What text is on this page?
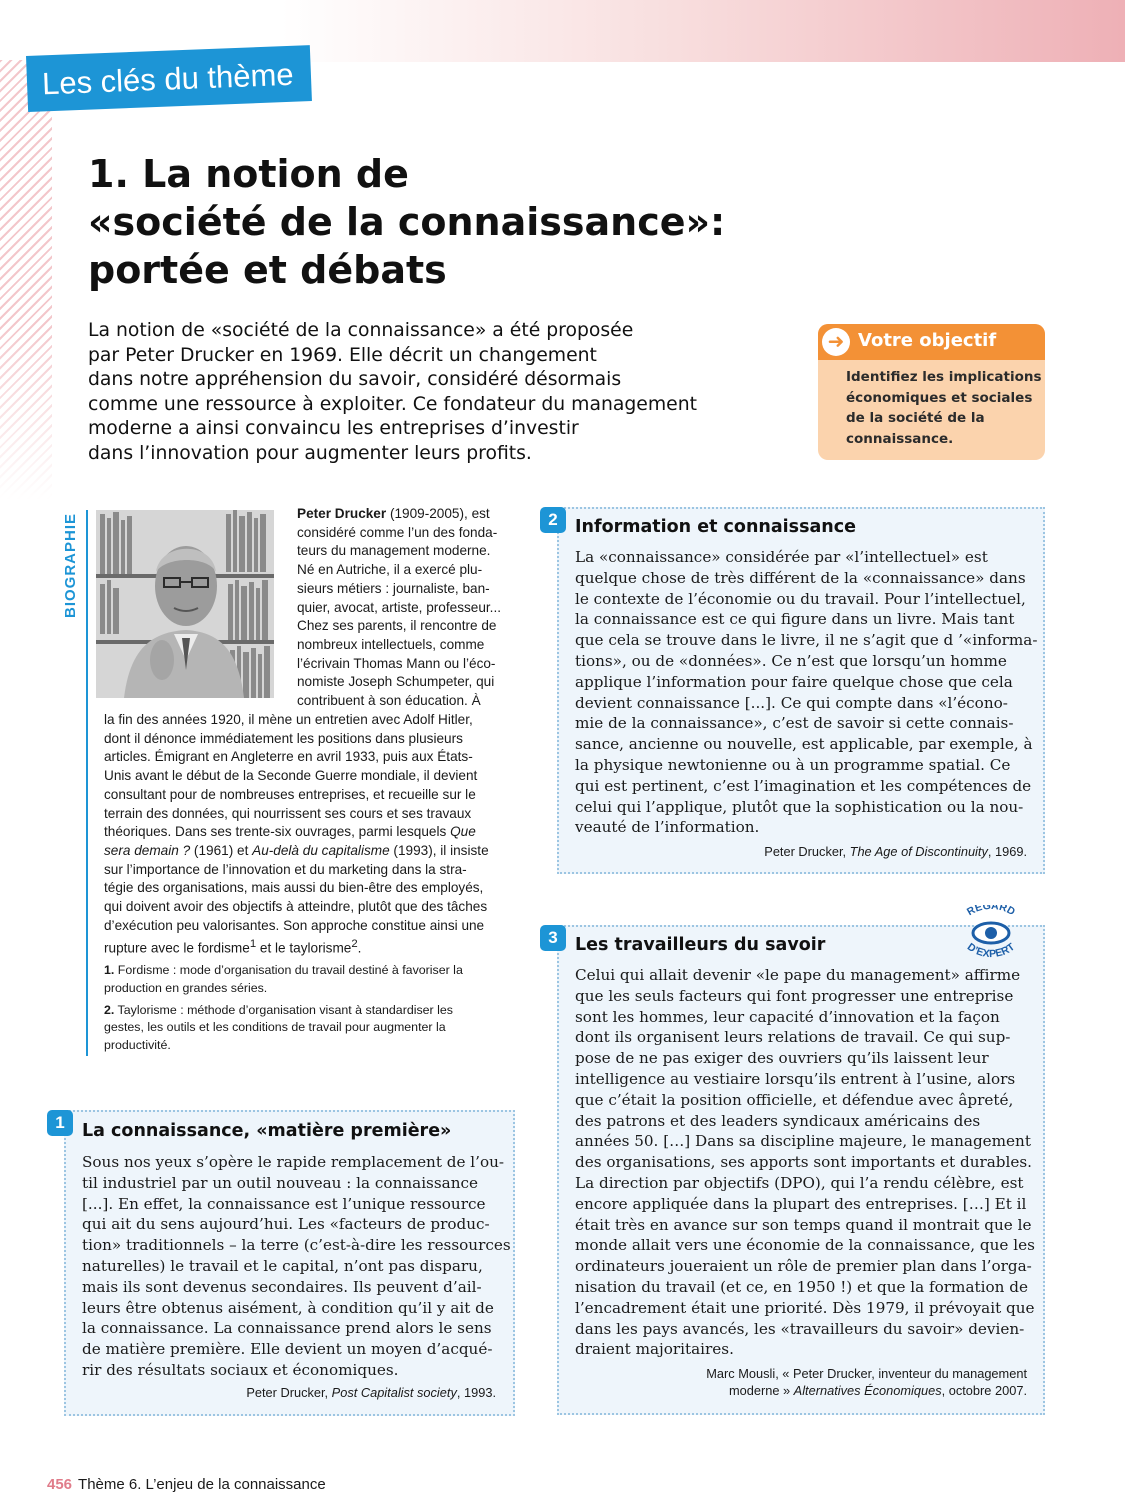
Les clés du thème
1. La notion de
«société de la connaissance»:
portée et débats

La notion de «société de la connaissance» a été proposée
par Peter Drucker en 1969. Elle décrit un changement
dans notre appréhension du savoir, considéré désormais
comme une ressource à exploiter. Ce fondateur du management
moderne a ainsi convaincu les entreprises d’investir
dans l’innovation pour augmenter leurs profits.

➜ Votre objectif
Identifiez les implications
économiques et sociales
de la société de la
connaissance.
BIOGRAPHIE	Peter Drucker (1909-2005), est
considéré comme l’un des fonda-
teurs du management moderne.
Né en Autriche, il a exercé plu-
sieurs métiers : journaliste, ban-
quier, avocat, artiste, professeur...
Chez ses parents, il rencontre de
nombreux intellectuels, comme
l’écrivain Thomas Mann ou l’éco-
nomiste Joseph Schumpeter, qui
contribuent à son éducation. À
la fin des années 1920, il mène un entretien avec Adolf Hitler,
dont il dénonce immédiatement les positions dans plusieurs
articles. Émigrant en Angleterre en avril 1933, puis aux États-
Unis avant le début de la Seconde Guerre mondiale, il devient
consultant pour de nombreuses entreprises, et recueille sur le
terrain des données, qui nourrissent ses cours et ses travaux
théoriques. Dans ses trente-six ouvrages, parmi lesquels Que
sera demain ? (1961) et Au-delà du capitalisme (1993), il insiste
sur l’importance de l’innovation et du marketing dans la stra-
tégie des organisations, mais aussi du bien-être des employés,
qui doivent avoir des objectifs à atteindre, plutôt que des tâches
d’exécution peu valorisantes. Son approche constitue ainsi une
rupture avec le fordisme$^1$ et le taylorisme$^2$.
1. Fordisme : mode d’organisation du travail destiné à favoriser la
production en grandes séries.
2. Taylorisme : méthode d’organisation visant à standardiser les
gestes, les outils et les conditions de travail pour augmenter la
productivité.
1 La connaissance, «matière première»
Sous nos yeux s’opère le rapide remplacement de l’ou-
til industriel par un outil nouveau : la connaissance
[...]. En effet, la connaissance est l’unique ressource
qui ait du sens aujourd’hui. Les «facteurs de produc-
tion» traditionnels – la terre (c’est-à-dire les ressources
naturelles) le travail et le capital, n’ont pas disparu,
mais ils sont devenus secondaires. Ils peuvent d’ail-
leurs être obtenus aisément, à condition qu’il y ait de
la connaissance. La connaissance prend alors le sens
de matière première. Elle devient un moyen d’acqué-
rir des résultats sociaux et économiques.
Peter Drucker, Post Capitalist society, 1993.
2 Information et connaissance
La «connaissance» considérée par «l’intellectuel» est
quelque chose de très différent de la «connaissance» dans
le contexte de l’économie ou du travail. Pour l’intellectuel,
la connaissance est ce qui figure dans un livre. Mais tant
que cela se trouve dans le livre, il ne s’agit que d ’«informa-
tions», ou de «données». Ce n’est que lorsqu’un homme
applique l’information pour faire quelque chose que cela
devient connaissance [...]. Ce qui compte dans «l’écono-
mie de la connaissance», c’est de savoir si cette connais-
sance, ancienne ou nouvelle, est applicable, par exemple, à
la physique newtonienne ou à un programme spatial. Ce
qui est pertinent, c’est l’imagination et les compétences de
celui qui l’applique, plutôt que la sophistication ou la nou-
veauté de l’information.
Peter Drucker, The Age of Discontinuity, 1969.
3 Les travailleurs du savoir
REGARD
D’EXPERT
Celui qui allait devenir «le pape du management» affirme
que les seuls facteurs qui font progresser une entreprise
sont les hommes, leur capacité d’innovation et la façon
dont ils organisent leurs relations de travail. Ce qui sup-
pose de ne pas exiger des ouvriers qu’ils laissent leur
intelligence au vestiaire lorsqu’ils entrent à l’usine, alors
que c’était la position officielle, et défendue avec âpreté,
des patrons et des leaders syndicaux américains des
années 50. […] Dans sa discipline majeure, le management
des organisations, ses apports sont importants et durables.
La direction par objectifs (DPO), qui l’a rendu célèbre, est
encore appliquée dans la plupart des entreprises. […] Et il
était très en avance sur son temps quand il montrait que le
monde allait vers une économie de la connaissance, que les
ordinateurs joueraient un rôle de premier plan dans l’orga-
nisation du travail (et ce, en 1950 !) et que la formation de
l’encadrement était une priorité. Dès 1979, il prévoyait que
dans les pays avancés, les «travailleurs du savoir» devien-
draient majoritaires.
Marc Mousli, « Peter Drucker, inventeur du management
moderne » Alternatives Économiques, octobre 2007.
456 Thème 6. L’enjeu de la connaissance
